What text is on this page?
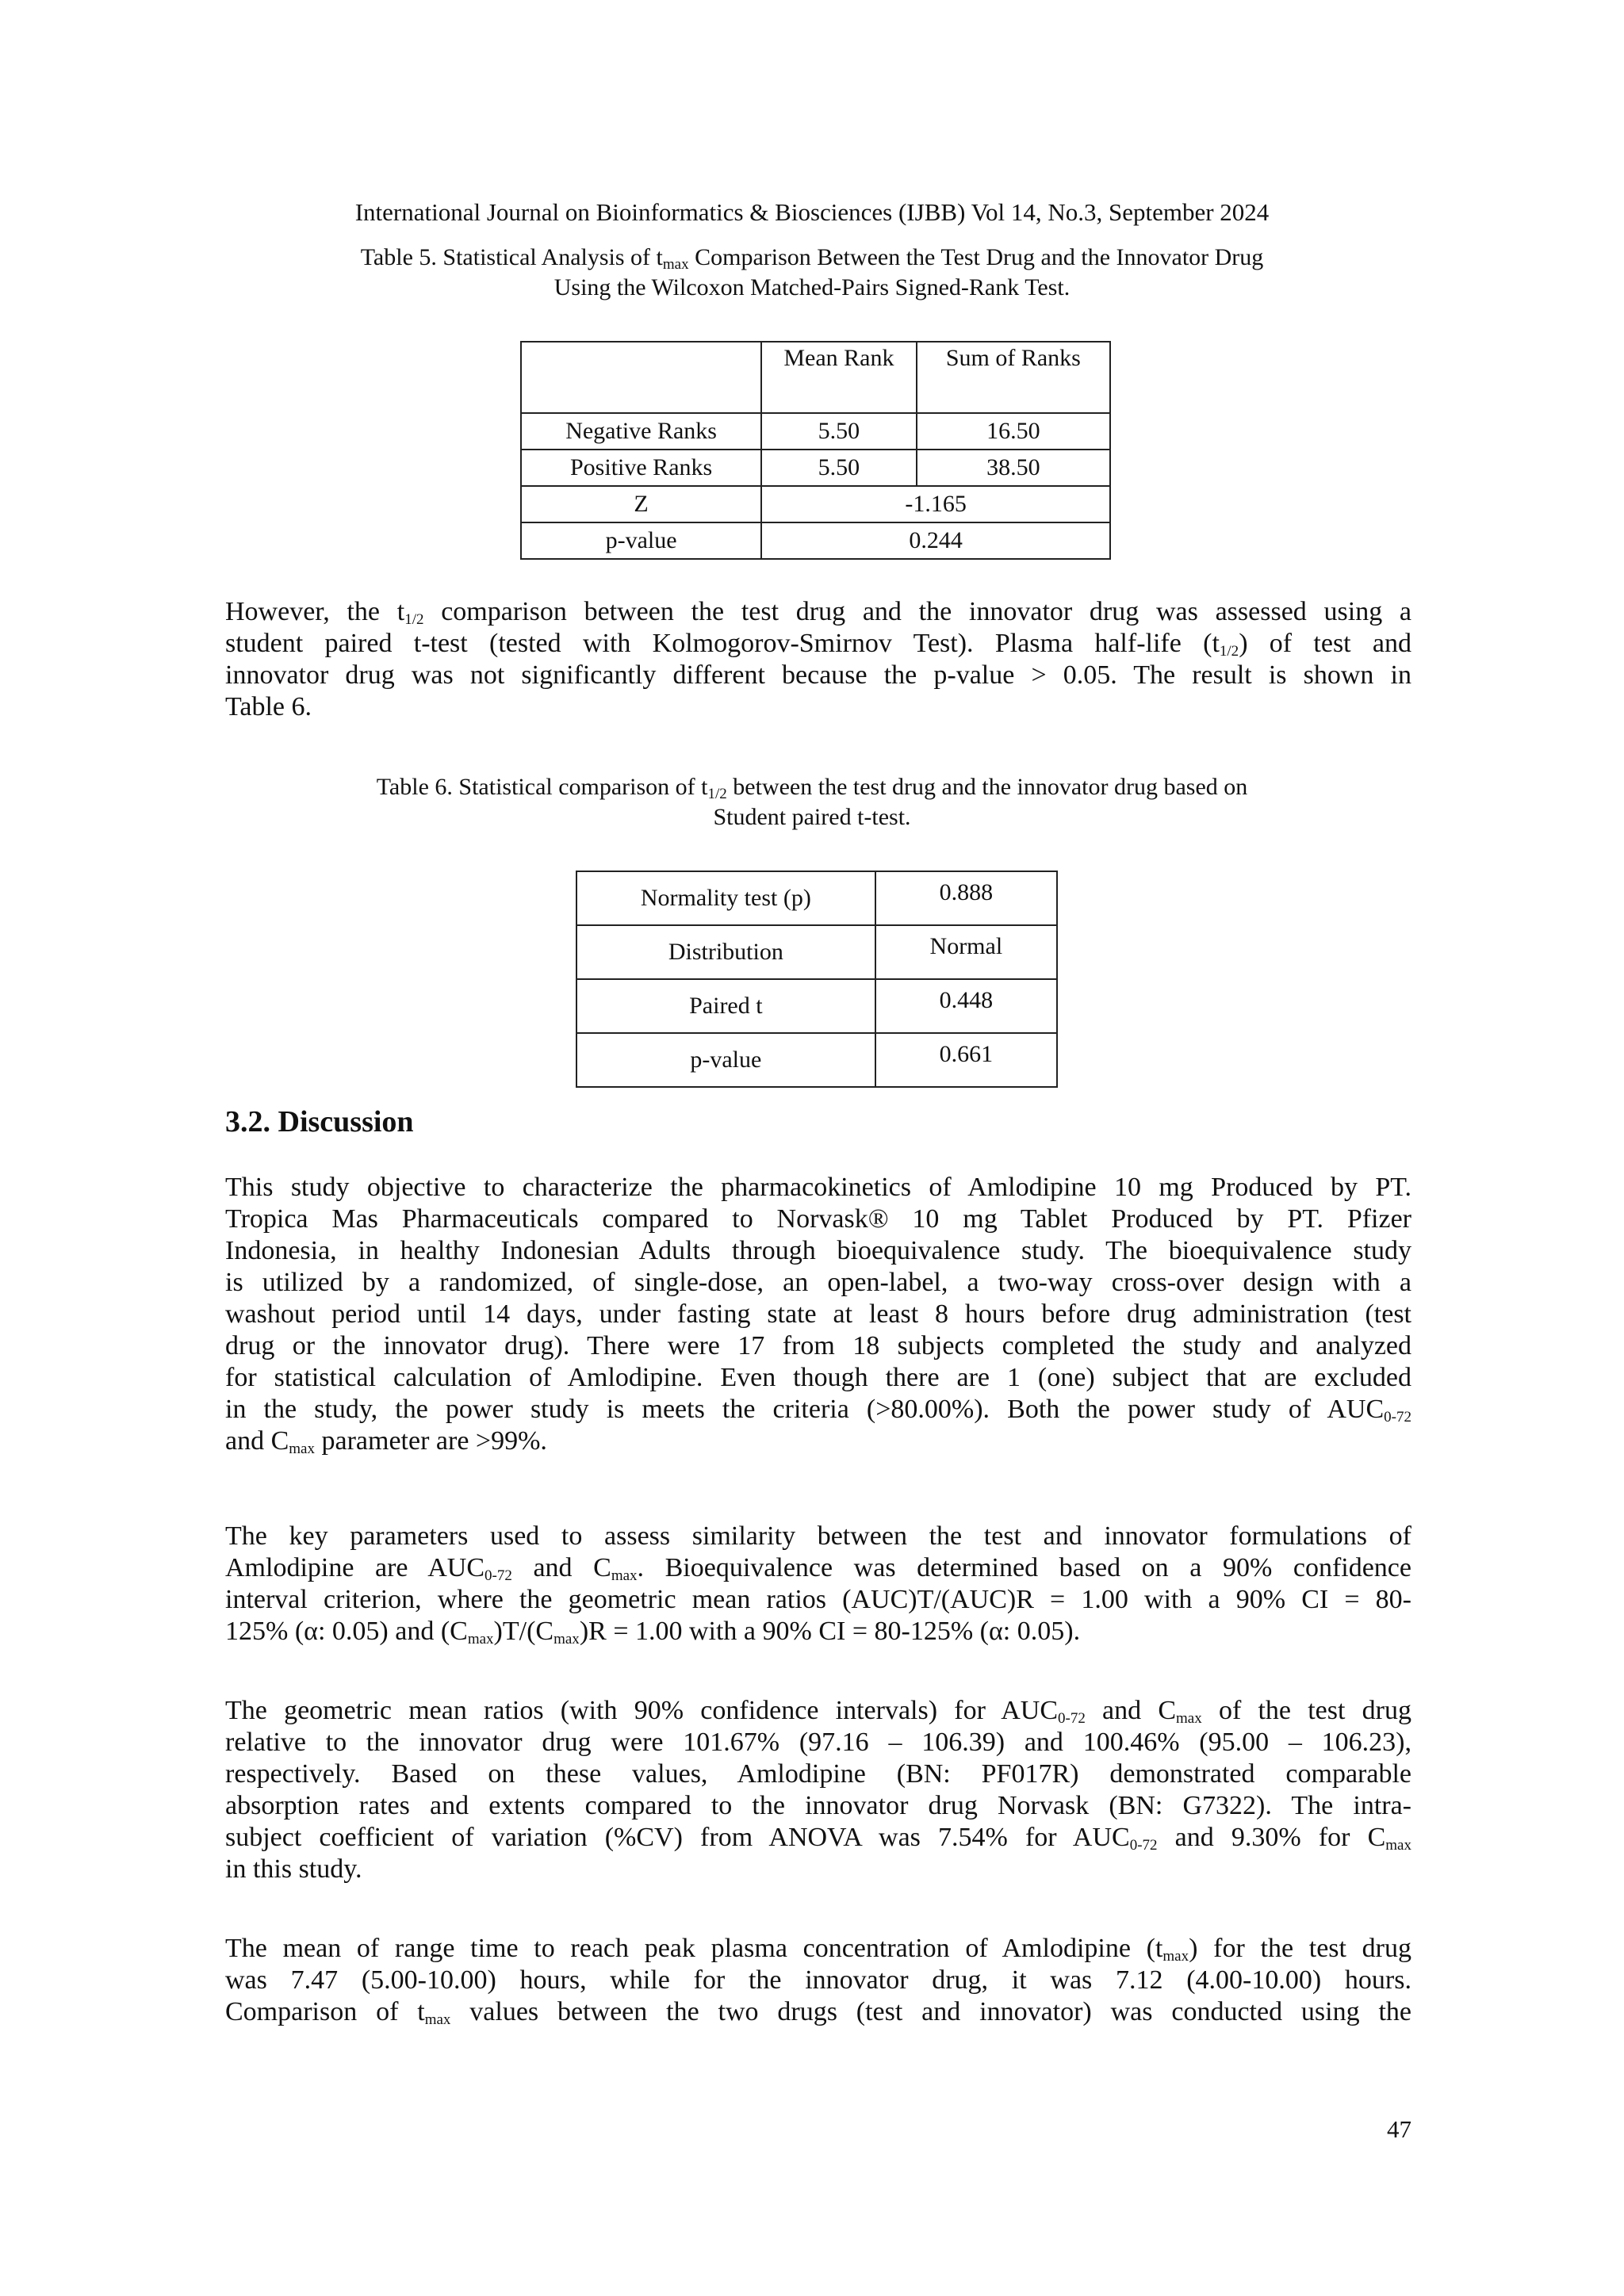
International Journal on Bioinformatics & Biosciences (IJBB) Vol 14, No.3, September 2024
Table 5. Statistical Analysis of $t_{max}$ Comparison Between the Test Drug and the Innovator Drug
Using the Wilcoxon Matched-Pairs Signed-Rank Test.
	Mean Rank	Sum of Ranks
Negative Ranks	5.50	16.50
Positive Ranks	5.50	38.50
Z	-1.165	
p-value	0.244	
However, the $t_{1/2}$ comparison between the test drug and the innovator drug was assessed using a
student paired t-test (tested with Kolmogorov-Smirnov Test). Plasma half-life $(t_{1/2})$ of test and
innovator drug was not significantly different because the p-value > 0.05. The result is shown in
Table 6.
Table 6. Statistical comparison of $t_{1/2}$ between the test drug and the innovator drug based on
Student paired t-test.
Normality test (p)	0.888
Distribution	Normal
Paired t	0.448
p-value	0.661
3.2. Discussion
This study objective to characterize the pharmacokinetics of Amlodipine 10 mg Produced by PT.
Tropica Mas Pharmaceuticals compared to Norvask® 10 mg Tablet Produced by PT. Pfizer
Indonesia, in healthy Indonesian Adults through bioequivalence study. The bioequivalence study
is utilized by a randomized, of single-dose, an open-label, a two-way cross-over design with a
washout period until 14 days, under fasting state at least 8 hours before drug administration (test
drug or the innovator drug). There were 17 from 18 subjects completed the study and analyzed
for statistical calculation of Amlodipine. Even though there are 1 (one) subject that are excluded
in the study, the power study is meets the criteria (>80.00%). Both the power study of $AUC_{0-72}$
and $C_{max}$ parameter are >99%.
The key parameters used to assess similarity between the test and innovator formulations of
Amlodipine are $AUC_{0-72}$ and $C_{max}$. Bioequivalence was determined based on a 90% confidence
interval criterion, where the geometric mean ratios (AUC)T/(AUC)R = 1.00 with a 90% CI = 80-
125% (α: 0.05) and $(C_{max})T/(C_{max})R = 1.00$ with a 90% CI = 80-125% (α: 0.05).
The geometric mean ratios (with 90% confidence intervals) for $AUC_{0-72}$ and $C_{max}$ of the test drug
relative to the innovator drug were 101.67% (97.16 – 106.39) and 100.46% (95.00 – 106.23),
respectively. Based on these values, Amlodipine (BN: PF017R) demonstrated comparable
absorption rates and extents compared to the innovator drug Norvask (BN: G7322). The intra-
subject coefficient of variation (%CV) from ANOVA was 7.54% for $AUC_{0-72}$ and 9.30% for $C_{max}$
in this study.
The mean of range time to reach peak plasma concentration of Amlodipine $(t_{max})$ for the test drug
was 7.47 (5.00-10.00) hours, while for the innovator drug, it was 7.12 (4.00-10.00) hours.
Comparison of $t_{max}$ values between the two drugs (test and innovator) was conducted using the
47
